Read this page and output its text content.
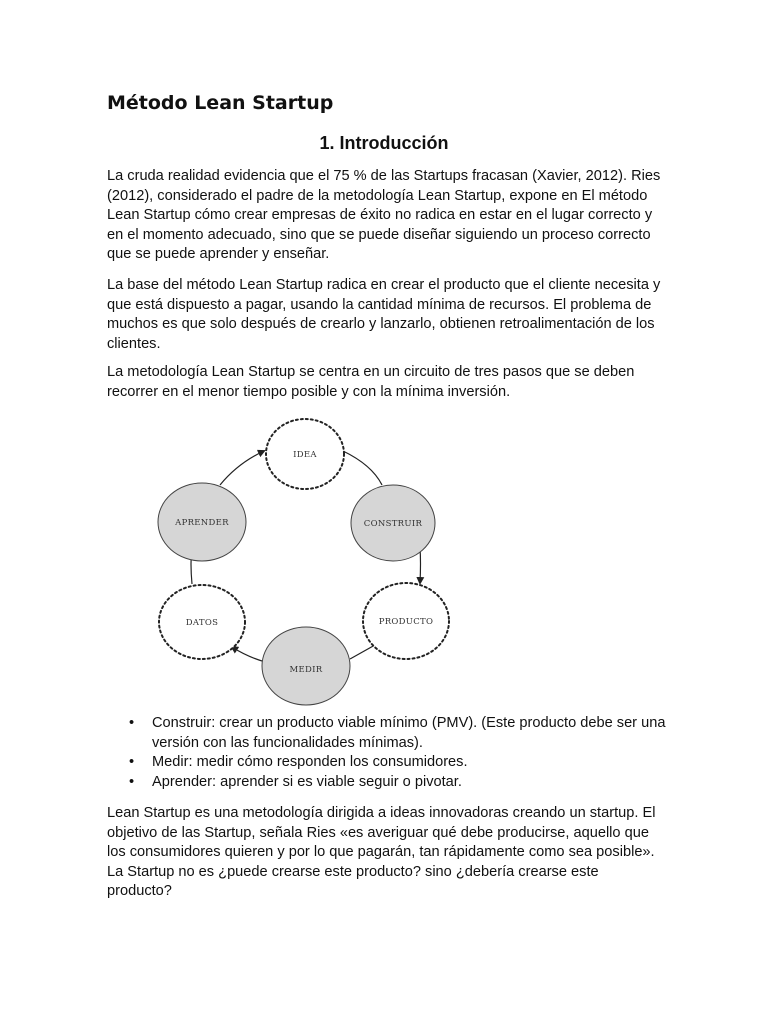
Método Lean Startup
1. Introducción

La cruda realidad evidencia que el 75 % de las Startups fracasan (Xavier, 2012). Ries (2012), considerado el padre de la metodología Lean Startup, expone en El método Lean Startup cómo crear empresas de éxito no radica en estar en el lugar correcto y en el momento adecuado, sino que se puede diseñar siguiendo un proceso correcto que se puede aprender y enseñar.

La base del método Lean Startup radica en crear el producto que el cliente necesita y que está dispuesto a pagar, usando la cantidad mínima de recursos. El problema de muchos es que solo después de crearlo y lanzarlo, obtienen retroalimentación de los clientes.

La metodología Lean Startup se centra en un circuito de tres pasos que se deben recorrer en el menor tiempo posible y con la mínima inversión.

IDEA
CONSTRUIR
PRODUCTO
MEDIR
DATOS
APRENDER
• Construir: crear un producto viable mínimo (PMV). (Este producto debe ser una versión con las funcionalidades mínimas).
• Medir: medir cómo responden los consumidores.
• Aprender: aprender si es viable seguir o pivotar.

Lean Startup es una metodología dirigida a ideas innovadoras creando un startup. El objetivo de las Startup, señala Ries «es averiguar qué debe producirse, aquello que los consumidores quieren y por lo que pagarán, tan rápidamente como sea posible». La Startup no es ¿puede crearse este producto? sino ¿debería crearse este producto?
